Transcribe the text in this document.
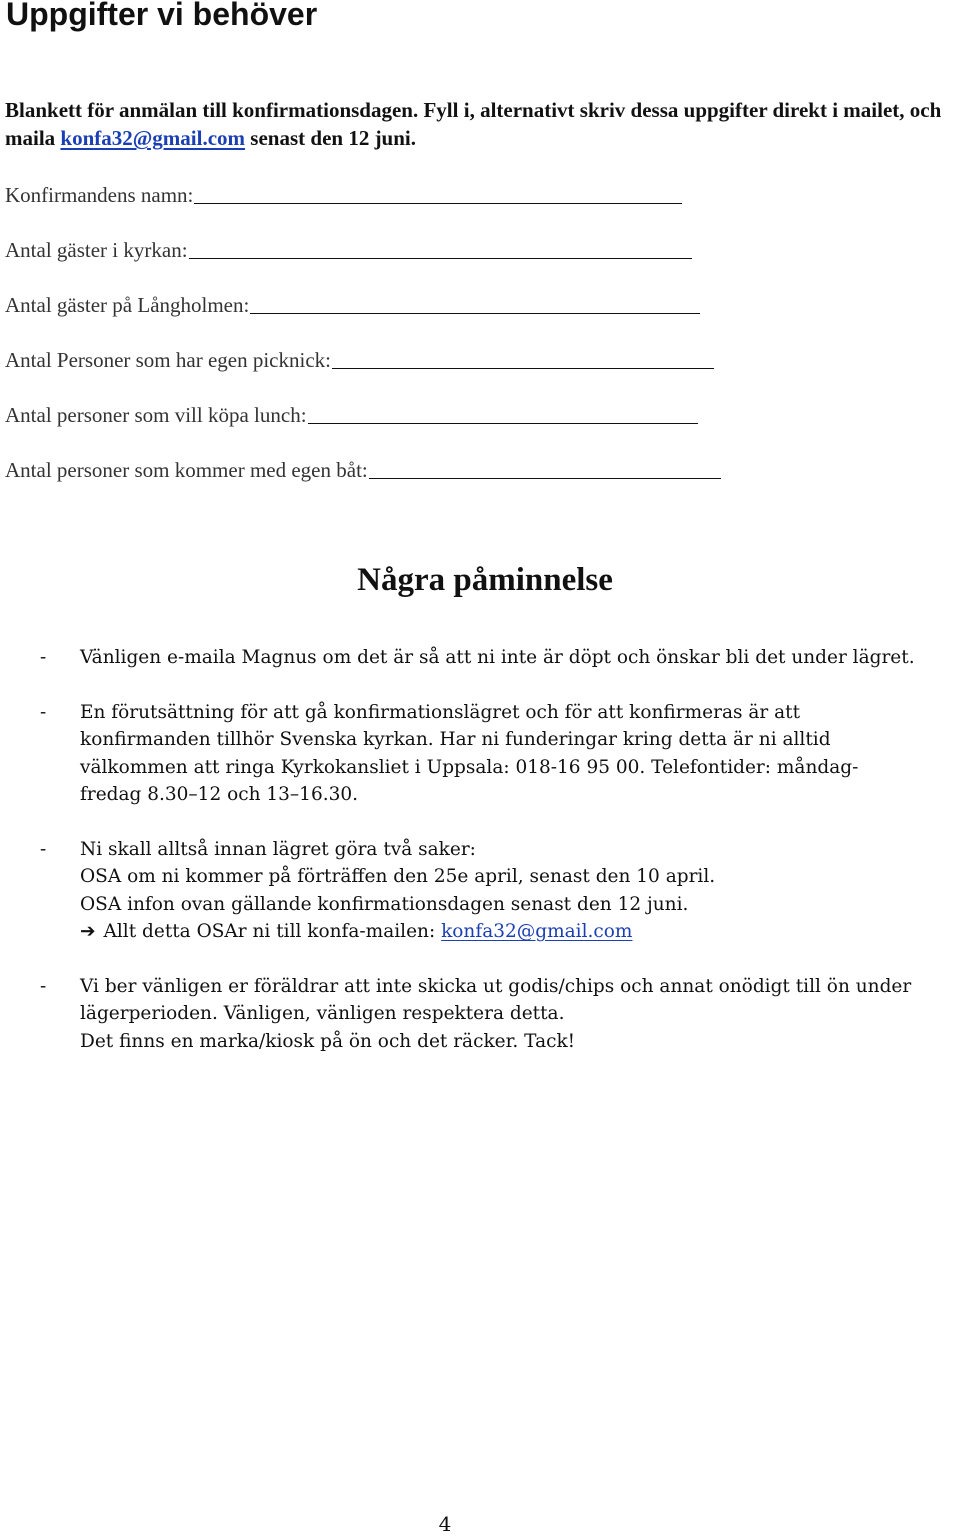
Uppgifter vi behöver
Blankett för anmälan till konfirmationsdagen. Fyll i, alternativt skriv dessa uppgifter direkt i mailet, och maila konfa32@gmail.com senast den 12 juni.
Konfirmandens namn:
Antal gäster i kyrkan:
Antal gäster på Långholmen:
Antal Personer som har egen picknick:
Antal personer som vill köpa lunch:
Antal personer som kommer med egen båt:
Några påminnelse
- Vänligen e-maila Magnus om det är så att ni inte är döpt och önskar bli det under lägret.
- En förutsättning för att gå konfirmationslägret och för att konfirmeras är att
konfirmanden tillhör Svenska kyrkan. Har ni funderingar kring detta är ni alltid
välkommen att ringa Kyrkokansliet i Uppsala: 018-16 95 00. Telefontider: måndag-
fredag 8.30–12 och 13–16.30.
- Ni skall alltså innan lägret göra två saker:
OSA om ni kommer på förträffen den 25e april, senast den 10 april.
OSA infon ovan gällande konfirmationsdagen senast den 12 juni.
➔ Allt detta OSAr ni till konfa-mailen: konfa32@gmail.com
- Vi ber vänligen er föräldrar att inte skicka ut godis/chips och annat onödigt till ön under
lägerperioden. Vänligen, vänligen respektera detta.
Det finns en marka/kiosk på ön och det räcker. Tack!
4
